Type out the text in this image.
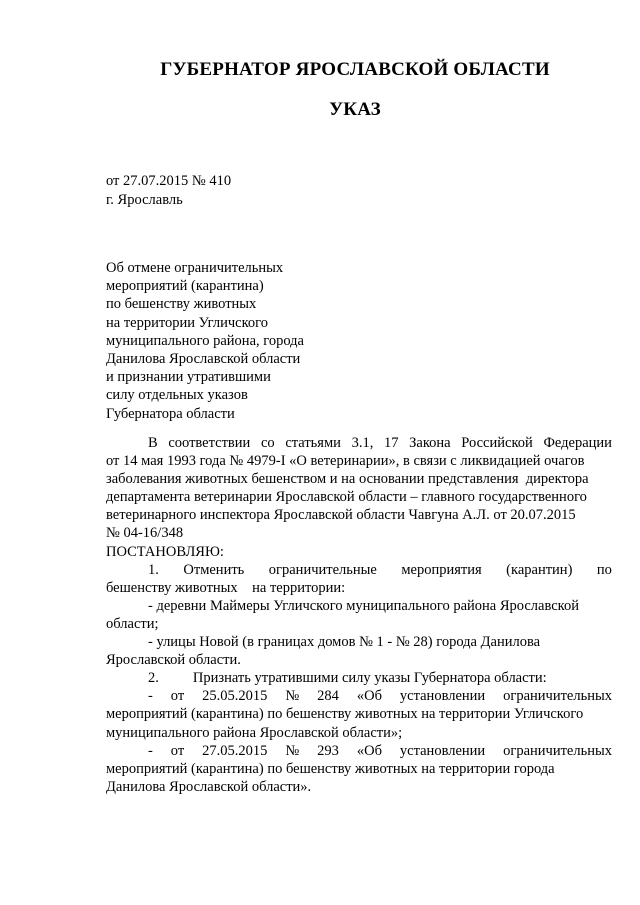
ГУБЕРНАТОР ЯРОСЛАВСКОЙ ОБЛАСТИ
УКАЗ
от 27.07.2015 № 410
г. Ярославль
Об отмене ограничительных
мероприятий (карантина)
по бешенству животных
на территории Угличского
муниципального района, города
Данилова Ярославской области
и признании утратившими
силу отдельных указов
Губернатора области
В соответствии со статьями 3.1, 17 Закона Российской Федерации
от 14 мая 1993 года № 4979-I «О ветеринарии», в связи с ликвидацией очагов
заболевания животных бешенством и на основании представления  директора
департамента ветеринарии Ярославской области – главного государственного
ветеринарного инспектора Ярославской области Чавгуна А.Л. от 20.07.2015
№ 04-16/348
ПОСТАНОВЛЯЮ:
1. Отменить ограничительные мероприятия (карантин) по
бешенству животных    на территории:
- деревни Маймеры Угличского муниципального района Ярославской
области;
- улицы Новой (в границах домов № 1 - № 28) города Данилова
Ярославской области.
2. Признать утратившими силу указы Губернатора области:
- от 25.05.2015 № 284 «Об установлении ограничительных
мероприятий (карантина) по бешенству животных на территории Угличского
муниципального района Ярославской области»;
- от 27.05.2015 № 293 «Об установлении ограничительных
мероприятий (карантина) по бешенству животных на территории города
Данилова Ярославской области».
